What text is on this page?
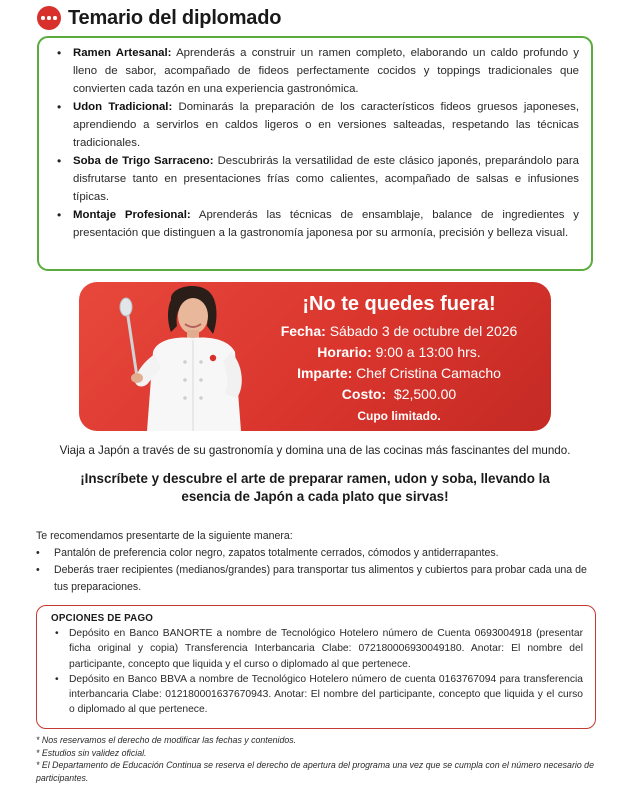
Temario del diplomado
• Ramen Artesanal: Aprenderás a construir un ramen completo, elaborando un caldo profundo y lleno de sabor, acompañado de fideos perfectamente cocidos y toppings tradicionales que convierten cada tazón en una experiencia gastronómica.
• Udon Tradicional: Dominarás la preparación de los característicos fideos gruesos japoneses, aprendiendo a servirlos en caldos ligeros o en versiones salteadas, respetando las técnicas tradicionales.
• Soba de Trigo Sarraceno: Descubrirás la versatilidad de este clásico japonés, preparándolo para disfrutarse tanto en presentaciones frías como calientes, acompañado de salsas e infusiones típicas.
• Montaje Profesional: Aprenderás las técnicas de ensamblaje, balance de ingredientes y presentación que distinguen a la gastronomía japonesa por su armonía, precisión y belleza visual.
¡No te quedes fuera!
Fecha: Sábado 3 de octubre del 2026
Horario: 9:00 a 13:00 hrs.
Imparte: Chef Cristina Camacho
Costo:  $2,500.00
Cupo limitado.

Viaja a Japón a través de su gastronomía y domina una de las cocinas más fascinantes del mundo.

¡Inscríbete y descubre el arte de preparar ramen, udon y soba, llevando la
esencia de Japón a cada plato que sirvas!

Te recomendamos presentarte de la siguiente manera:

• Pantalón de preferencia color negro, zapatos totalmente cerrados, cómodos y antiderrapantes.
• Deberás traer recipientes (medianos/grandes) para transportar tus alimentos y cubiertos para probar cada una de tus preparaciones.
OPCIONES DE PAGO
• Depósito en Banco BANORTE a nombre de Tecnológico Hotelero número de Cuenta 0693004918 (presentar ficha original y copia) Transferencia Interbancaria Clabe: 072180006930049180. Anotar: El nombre del participante, concepto que liquida y el curso o diplomado al que pertenece.
• Depósito en Banco BBVA a nombre de Tecnológico Hotelero número de cuenta 0163767094 para transferencia interbancaria Clabe: 012180001637670943. Anotar: El nombre del participante, concepto que liquida y el curso o diplomado al que pertenece.

* Nos reservamos el derecho de modificar las fechas y contenidos.

* Estudios sin validez oficial.

* El Departamento de Educación Continua se reserva el derecho de apertura del programa una vez que se cumpla con el número necesario de participantes.
